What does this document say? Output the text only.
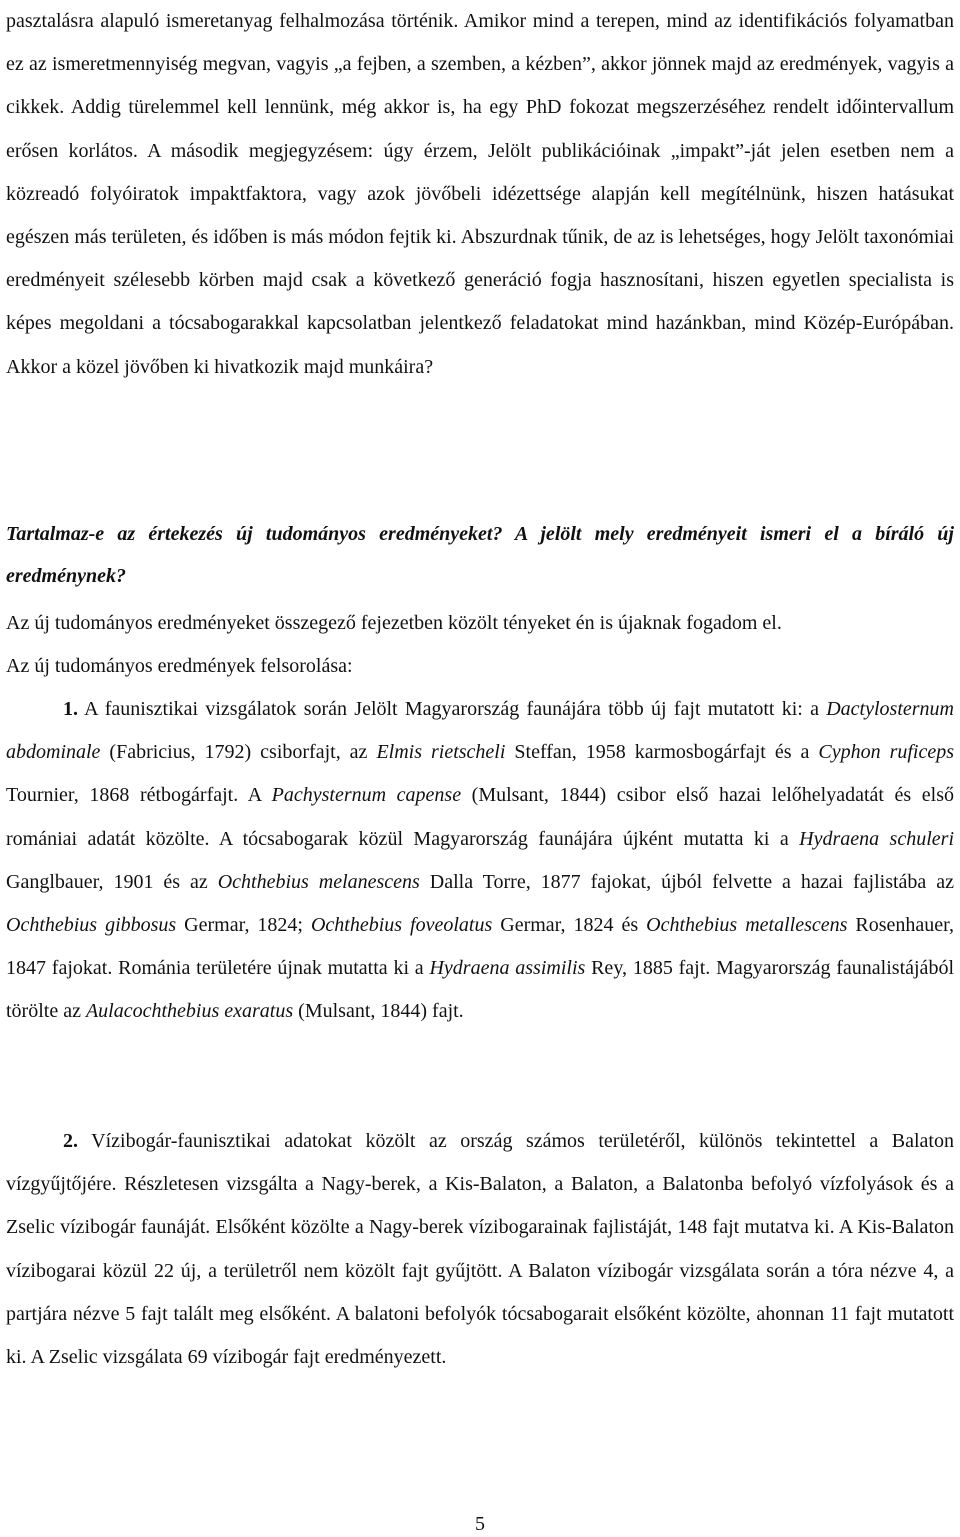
pasztalásra alapuló ismeretanyag felhalmozása történik. Amikor mind a terepen, mind az identifikációs folyamatban ez az ismeretmennyiség megvan, vagyis „a fejben, a szemben, a kézben”, akkor jönnek majd az eredmények, vagyis a cikkek. Addig türelemmel kell lennünk, még akkor is, ha egy PhD fokozat megszerzéséhez rendelt időintervallum erősen korlátos. A második megjegyzésem: úgy érzem, Jelölt publikációinak „impakt”-ját jelen esetben nem a közreadó folyóiratok impaktfaktora, vagy azok jövőbeli idézettsége alapján kell megítélnünk, hiszen hatásukat egészen más területen, és időben is más módon fejtik ki. Abszurdnak tűnik, de az is lehetséges, hogy Jelölt taxonómiai eredményeit szélesebb körben majd csak a következő generáció fogja hasznosítani, hiszen egyetlen specialista is képes megoldani a tócsabogarakkal kapcsolatban jelentkező feladatokat mind hazánkban, mind Közép-Európában. Akkor a közel jövőben ki hivatkozik majd munkáira?

Tartalmaz-e az értekezés új tudományos eredményeket? A jelölt mely eredményeit ismeri el a bíráló új eredménynek?

Az új tudományos eredményeket összegező fejezetben közölt tényeket én is újaknak fogadom el.
Az új tudományos eredmények felsorolása:

1. A faunisztikai vizsgálatok során Jelölt Magyarország faunájára több új fajt mutatott ki: a Dactylosternum abdominale (Fabricius, 1792) csiborfajt, az Elmis rietscheli Steffan, 1958 karmosbogárfajt és a Cyphon ruficeps Tournier, 1868 rétbogárfajt. A Pachysternum capense (Mulsant, 1844) csibor első hazai lelőhelyadatát és első romániai adatát közölte. A tócsabogarak közül Magyarország faunájára újként mutatta ki a Hydraena schuleri Ganglbauer, 1901 és az Ochthebius melanescens Dalla Torre, 1877 fajokat, újból felvette a hazai fajlistába az Ochthebius gibbosus Germar, 1824; Ochthebius foveolatus Germar, 1824 és Ochthebius metallescens Rosenhauer, 1847 fajokat. Románia területére újnak mutatta ki a Hydraena assimilis Rey, 1885 fajt. Magyarország faunalistájából törölte az Aulacochthebius exaratus (Mulsant, 1844) fajt.

2. Vízibogár-faunisztikai adatokat közölt az ország számos területéről, különös tekintettel a Balaton vízgyűjtőjére. Részletesen vizsgálta a Nagy-berek, a Kis-Balaton, a Balaton, a Balatonba befolyó vízfolyások és a Zselic vízibogár faunáját. Elsőként közölte a Nagy-berek vízibogarainak fajlistáját, 148 fajt mutatva ki. A Kis-Balaton vízibogarai közül 22 új, a területről nem közölt fajt gyűjtött. A Balaton vízibogár vizsgálata során a tóra nézve 4, a partjára nézve 5 fajt talált meg elsőként. A balatoni befolyók tócsabogarait elsőként közölte, ahonnan 11 fajt mutatott ki. A Zselic vizsgálata 69 vízibogár fajt eredményezett.

5
